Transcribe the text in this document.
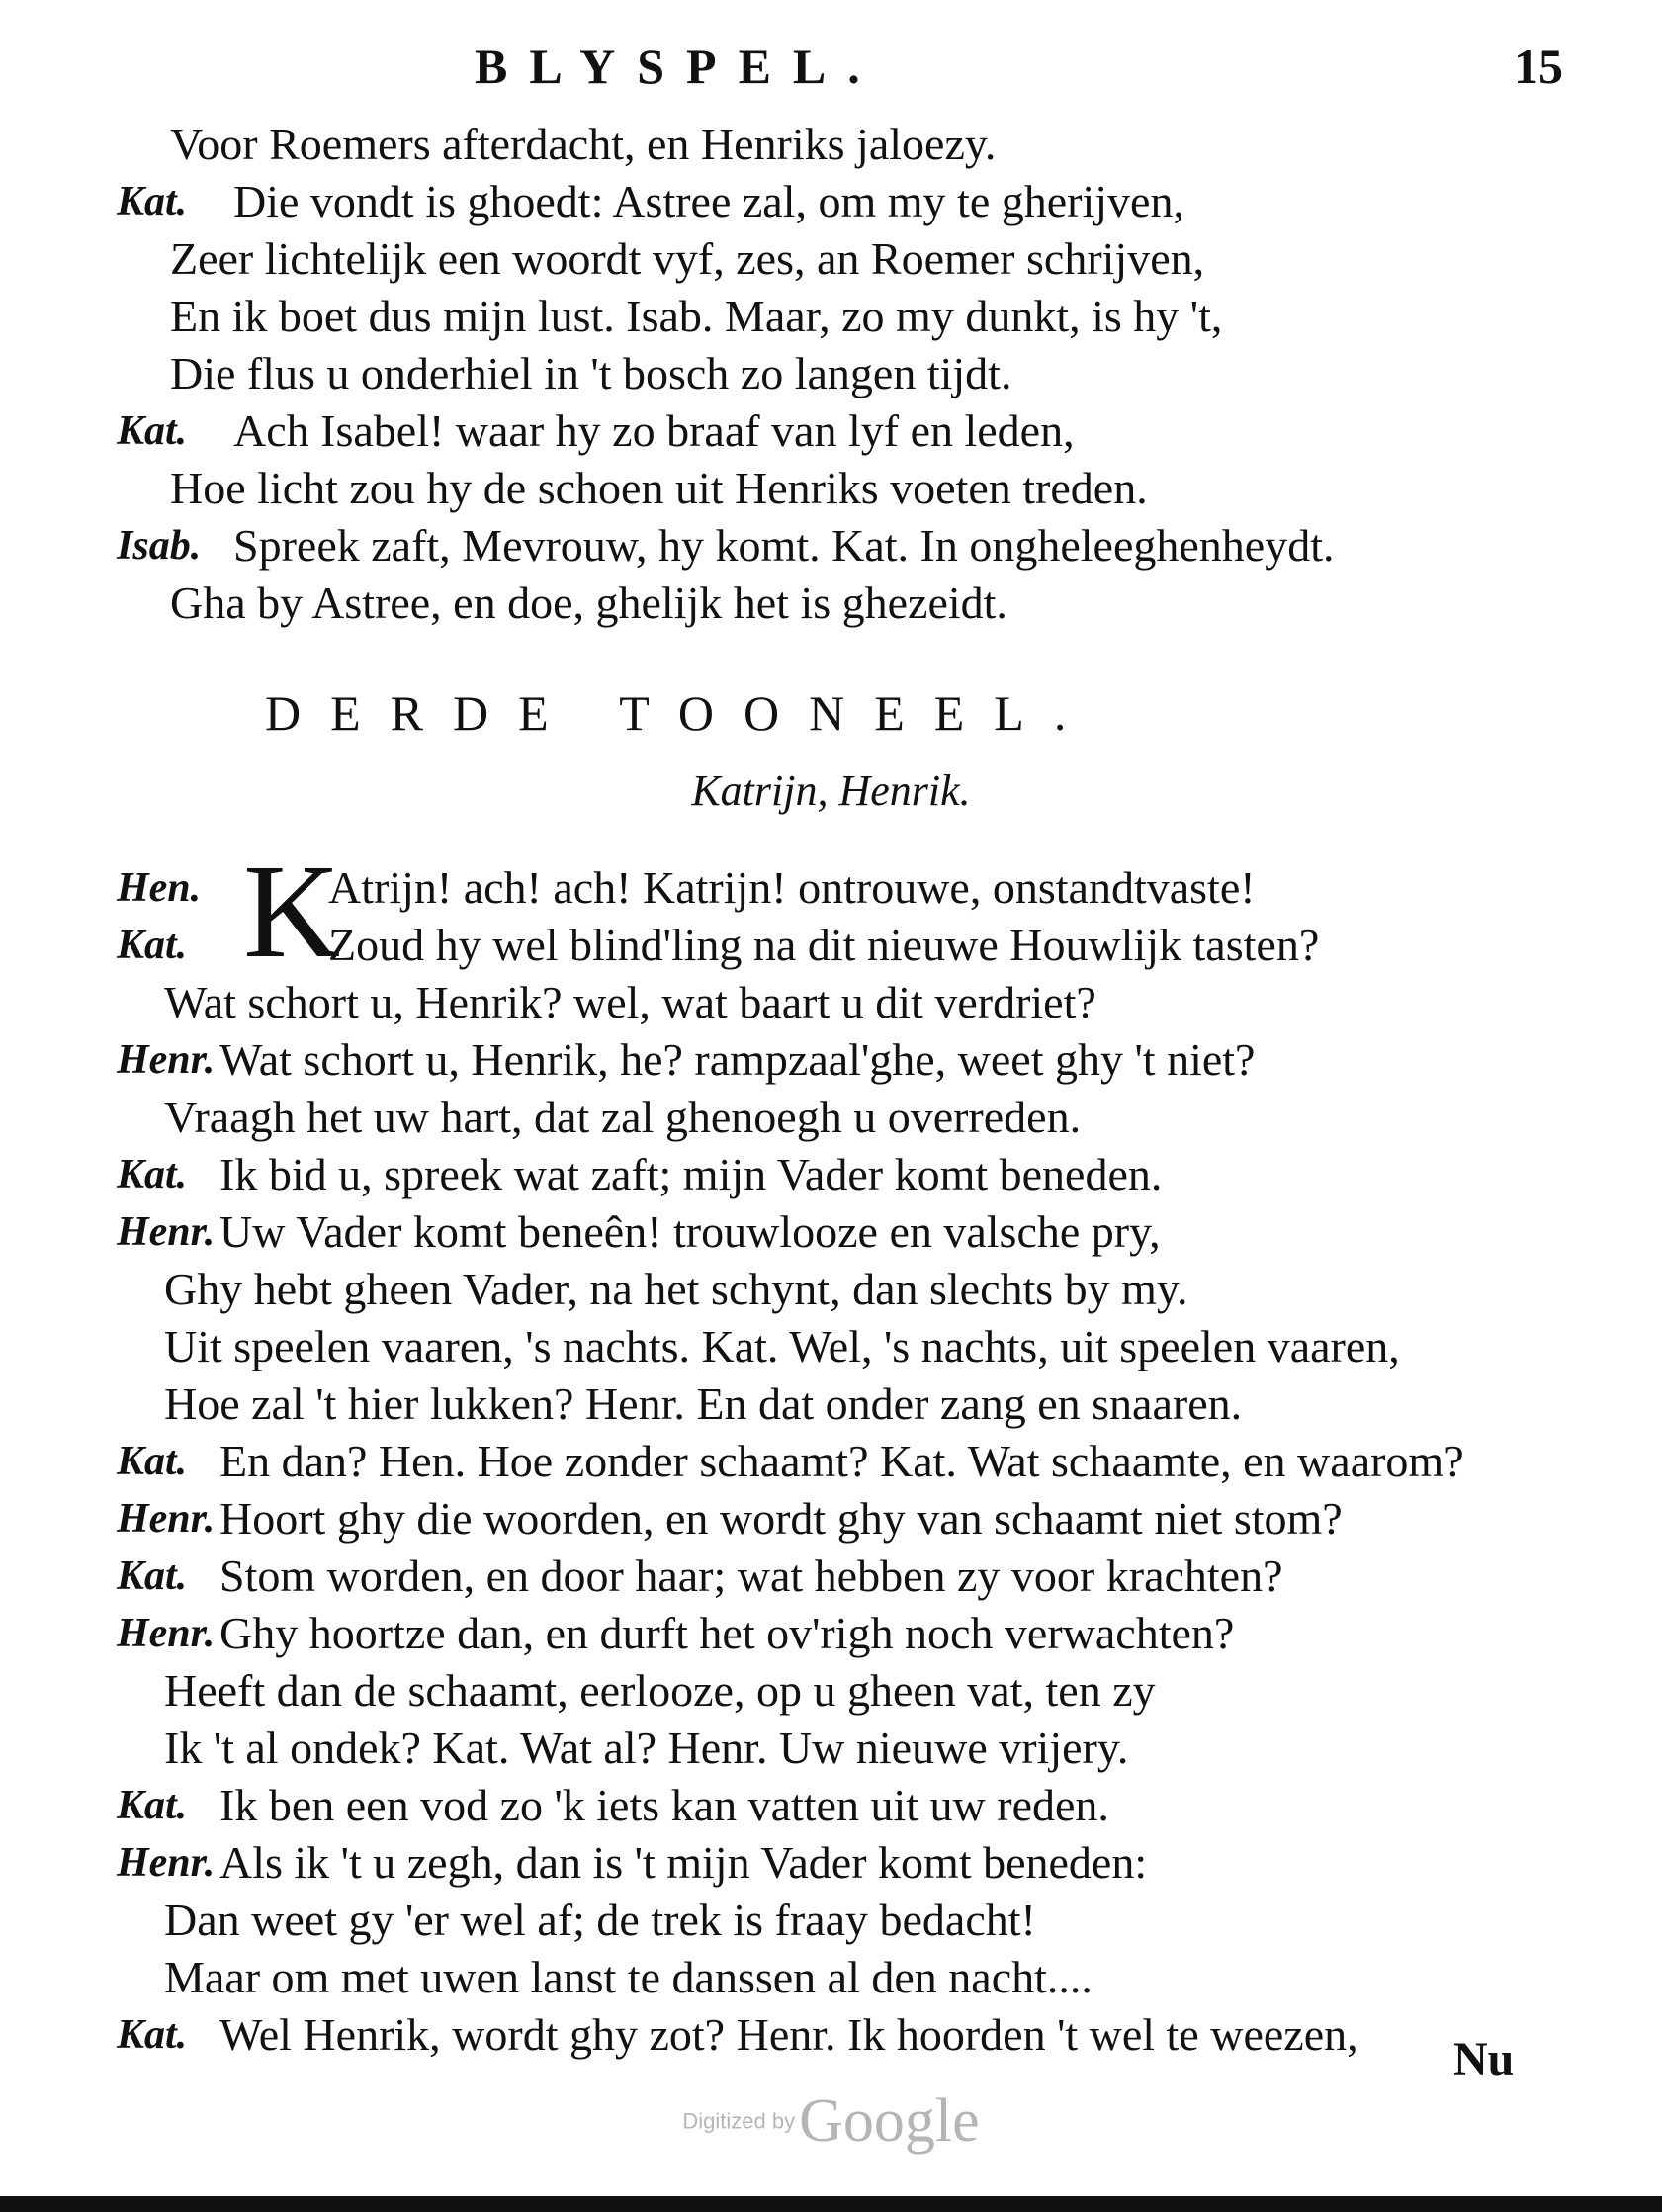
BLYSPEL.	15
Voor Roemers afterdacht, en Henriks jaloezy.
Kat. Die vondt is ghoedt: Astree zal, om my te gherijven,
Zeer lichtelijk een woordt vyf, zes, an Roemer schrijven,
En ik boet dus mijn lust. Isab. Maar, zo my dunkt, is hy 't,
Die flus u onderhiel in 't bosch zo langen tijdt.
Kat. Ach Isabel! waar hy zo braaf van lyf en leden,
Hoe licht zou hy de schoen uit Henriks voeten treden.
Isab. Spreek zaft, Mevrouw, hy komt. Kat. In ongheleeghenheydt.
Gha by Astree, en doe, ghelijk het is ghezeidt.
DERDE TOONEEL.
Katrijn, Henrik.
K
Hen.	Atrijn! ach! ach! Katrijn! ontrouwe, onstandtvaste!
Kat.	Zoud hy wel blind'ling na dit nieuwe Houwlijk tasten?
Wat schort u, Henrik? wel, wat baart u dit verdriet?
Henr. Wat schort u, Henrik, he? rampzaal'ghe, weet ghy 't niet?
Vraagh het uw hart, dat zal ghenoegh u overreden.
Kat. Ik bid u, spreek wat zaft; mijn Vader komt beneden.
Henr. Uw Vader komt beneên! trouwlooze en valsche pry,
Ghy hebt gheen Vader, na het schynt, dan slechts by my.
Uit speelen vaaren, 's nachts. Kat. Wel, 's nachts, uit speelen vaaren,
Hoe zal 't hier lukken? Henr. En dat onder zang en snaaren.
Kat. En dan? Hen. Hoe zonder schaamt? Kat. Wat schaamte, en waarom?
Henr. Hoort ghy die woorden, en wordt ghy van schaamt niet stom?
Kat. Stom worden, en door haar; wat hebben zy voor krachten?
Henr. Ghy hoortze dan, en durft het ov'righ noch verwachten?
Heeft dan de schaamt, eerlooze, op u gheen vat, ten zy
Ik 't al ondek? Kat. Wat al? Henr. Uw nieuwe vrijery.
Kat. Ik ben een vod zo 'k iets kan vatten uit uw reden.
Henr. Als ik 't u zegh, dan is 't mijn Vader komt beneden:
Dan weet gy 'er wel af; de trek is fraay bedacht!
Maar om met uwen lanst te danssen al den nacht....
Kat. Wel Henrik, wordt ghy zot? Henr. Ik hoorden 't wel te weezen, Nu
Digitized by Google
